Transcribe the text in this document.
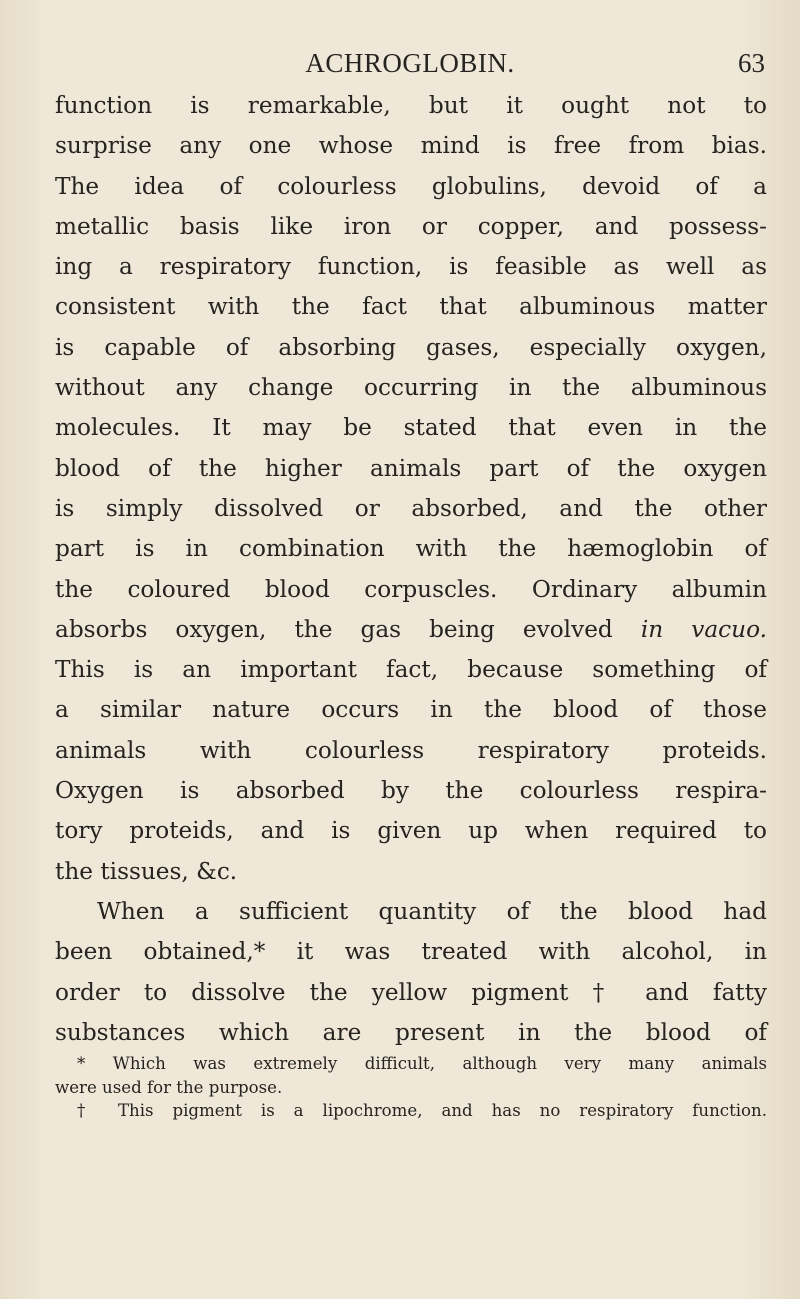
ACHROGLOBIN.	63
function is remarkable, but it ought not to
surprise any one whose mind is free from bias.
The idea of colourless globulins, devoid of a
metallic basis like iron or copper, and possess-
ing a respiratory function, is feasible as well as
consistent with the fact that albuminous matter
is capable of absorbing gases, especially oxygen,
without any change occurring in the albuminous
molecules. It may be stated that even in the
blood of the higher animals part of the oxygen
is simply dissolved or absorbed, and the other
part is in combination with the hæmoglobin of
the coloured blood corpuscles. Ordinary albumin
absorbs oxygen, the gas being evolved in vacuo.
This is an important fact, because something of
a similar nature occurs in the blood of those
animals with colourless respiratory proteids.
Oxygen is absorbed by the colourless respira-
tory proteids, and is given up when required to
the tissues, &c.
When a sufficient quantity of the blood had
been obtained,* it was treated with alcohol, in
order to dissolve the yellow pigment † and fatty
substances which are present in the blood of
* Which was extremely difficult, although very many animals
were used for the purpose.
† This pigment is a lipochrome, and has no respiratory function.
